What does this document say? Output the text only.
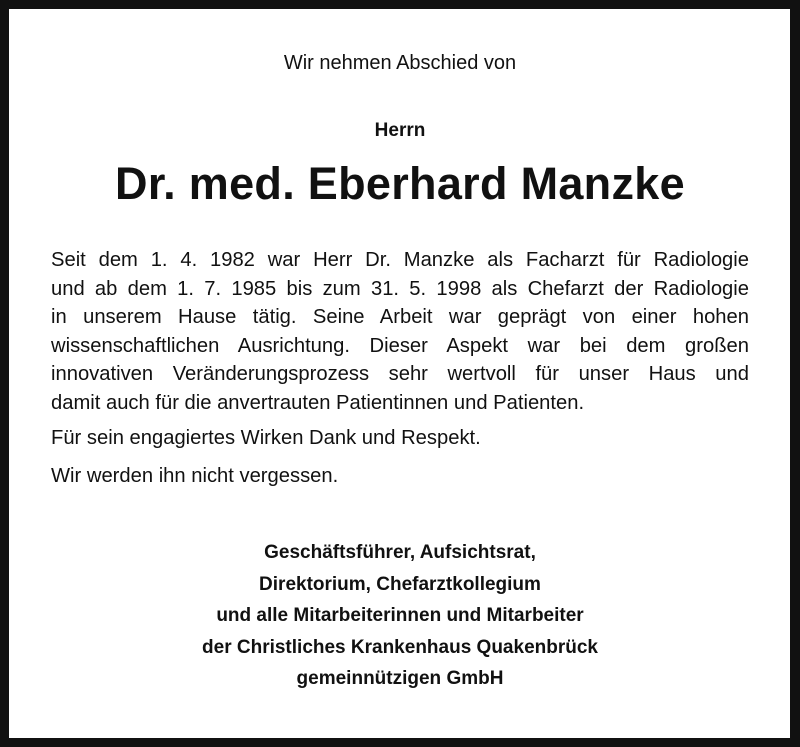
Wir nehmen Abschied von
Herrn
Dr. med. Eberhard Manzke
Seit dem 1. 4. 1982 war Herr Dr. Manzke als Facharzt für Radiologie
und ab dem 1. 7. 1985 bis zum 31. 5. 1998 als Chefarzt der Radiologie
in unserem Hause tätig. Seine Arbeit war geprägt von einer hohen
wissenschaftlichen Ausrichtung. Dieser Aspekt war bei dem großen
innovativen Veränderungsprozess sehr wertvoll für unser Haus und
damit auch für die anvertrauten Patientinnen und Patienten.
Für sein engagiertes Wirken Dank und Respekt.
Wir werden ihn nicht vergessen.
Geschäftsführer, Aufsichtsrat,
Direktorium, Chefarztkollegium
und alle Mitarbeiterinnen und Mitarbeiter
der Christliches Krankenhaus Quakenbrück
gemeinnützigen GmbH
